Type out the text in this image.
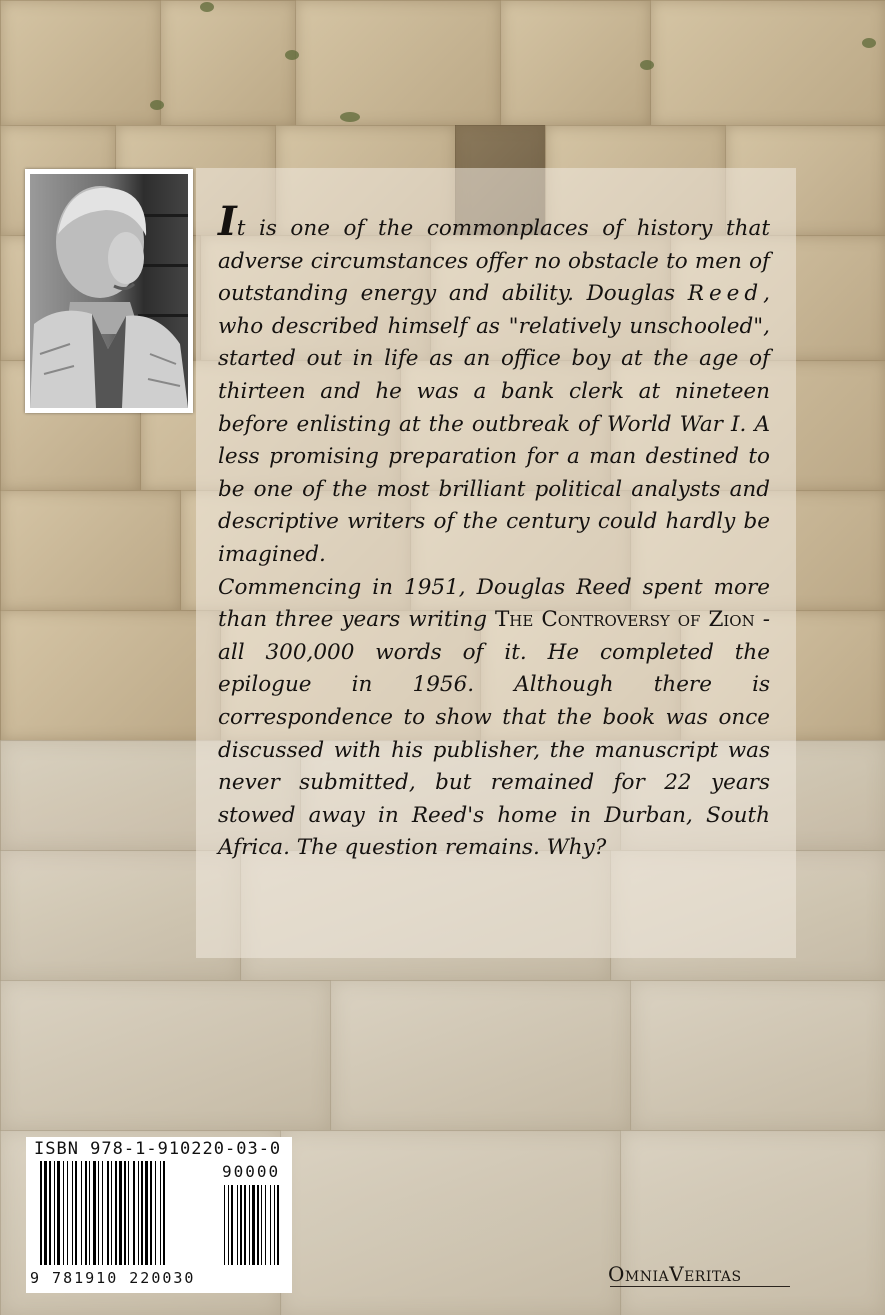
It is one of the commonplaces of history that adverse circumstances offer no obstacle to men of outstanding energy and ability. Douglas Reed, who described himself as "relatively unschooled", started out in life as an office boy at the age of thirteen and he was a bank clerk at nineteen before enlisting at the outbreak of World War I. A less promising preparation for a man destined to be one of the most brilliant political analysts and descriptive writers of the century could hardly be imagined.

Commencing in 1951, Douglas Reed spent more than three years writing The Controversy of Zion - all 300,000 words of it. He completed the epilogue in 1956. Although there is correspondence to show that the book was once discussed with his publisher, the manuscript was never submitted, but remained for 22 years stowed away in Reed's home in Durban, South Africa. The question remains. Why?

ISBN 978-1-910220-03-0
90000
9 781910 220030	OmniaVeritas
